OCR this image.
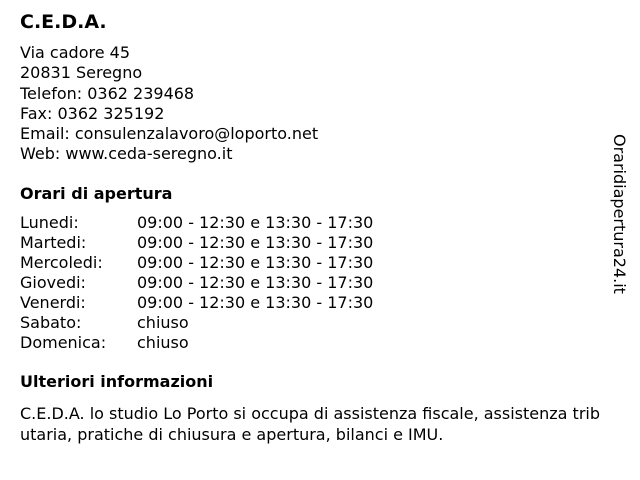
C.E.D.A.
Via cadore 45
20831 Seregno
Telefon: 0362 239468
Fax: 0362 325192
Email: consulenzalavoro@loporto.net
Web: www.ceda-seregno.it
Orari di apertura
Lunedi:	09:00 - 12:30 e 13:30 - 17:30
Martedi:	09:00 - 12:30 e 13:30 - 17:30
Mercoledi: 09:00 - 12:30 e 13:30 - 17:30
Giovedi:	09:00 - 12:30 e 13:30 - 17:30
Venerdi:	09:00 - 12:30 e 13:30 - 17:30
Sabato:	chiuso
Domenica: chiuso
Ulteriori informazioni
C.E.D.A. lo studio Lo Porto si occupa di assistenza fiscale, assistenza tributaria, pratiche di chiusura e apertura, bilanci e IMU.
Oraridiapertura24.it
